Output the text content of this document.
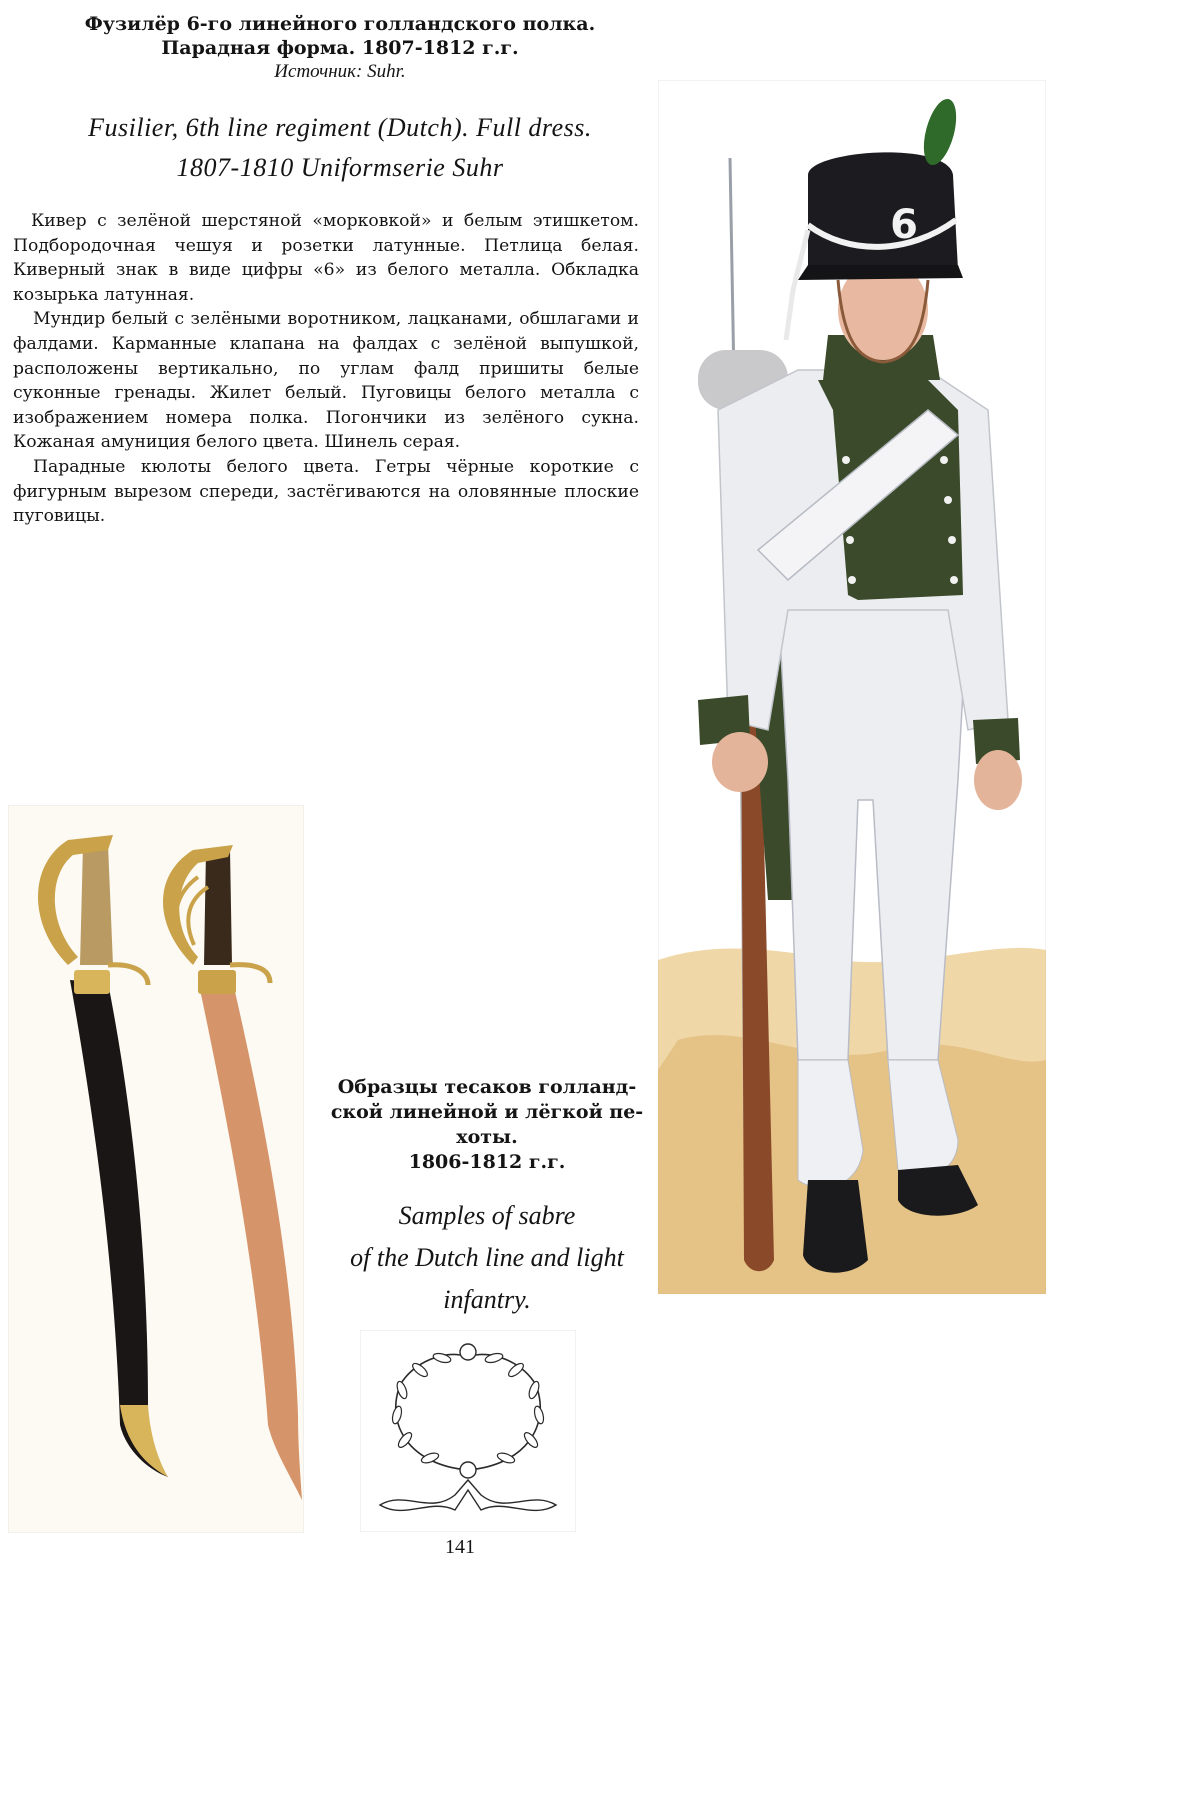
Фузилёр 6-го линейного голландского полка.
Парадная форма. 1807-1812 г.г.
Источник: Suhr.
Fusilier, 6th line regiment (Dutch). Full dress.
1807-1810 Uniformserie Suhr

Кивер с зелёной шерстяной «морковкой» и белым этишкетом. Подбородочная чешуя и розетки латунные. Петлица белая. Киверный знак в виде цифры «6» из белого металла. Обкладка козырька латунная.

Мундир белый с зелёными воротником, лацканами, обшлагами и фалдами. Карманные клапана на фалдах с зелёной выпушкой, расположены вертикально, по углам фалд пришиты белые суконные гренады. Жилет белый. Пуговицы белого металла с изображением номера полка. Погончики из зелёного сукна. Кожаная амуниция белого цвета. Шинель серая.

Парадные кюлоты белого цвета. Гетры чёрные короткие с фигурным вырезом спереди, застёгиваются на оловянные плоские пуговицы.

6
Образцы тесаков голланд-
ской линейной и лёгкой пе-
хоты.
1806-1812 г.г.
Samples of sabre
of the Dutch line and light
infantry.
141
